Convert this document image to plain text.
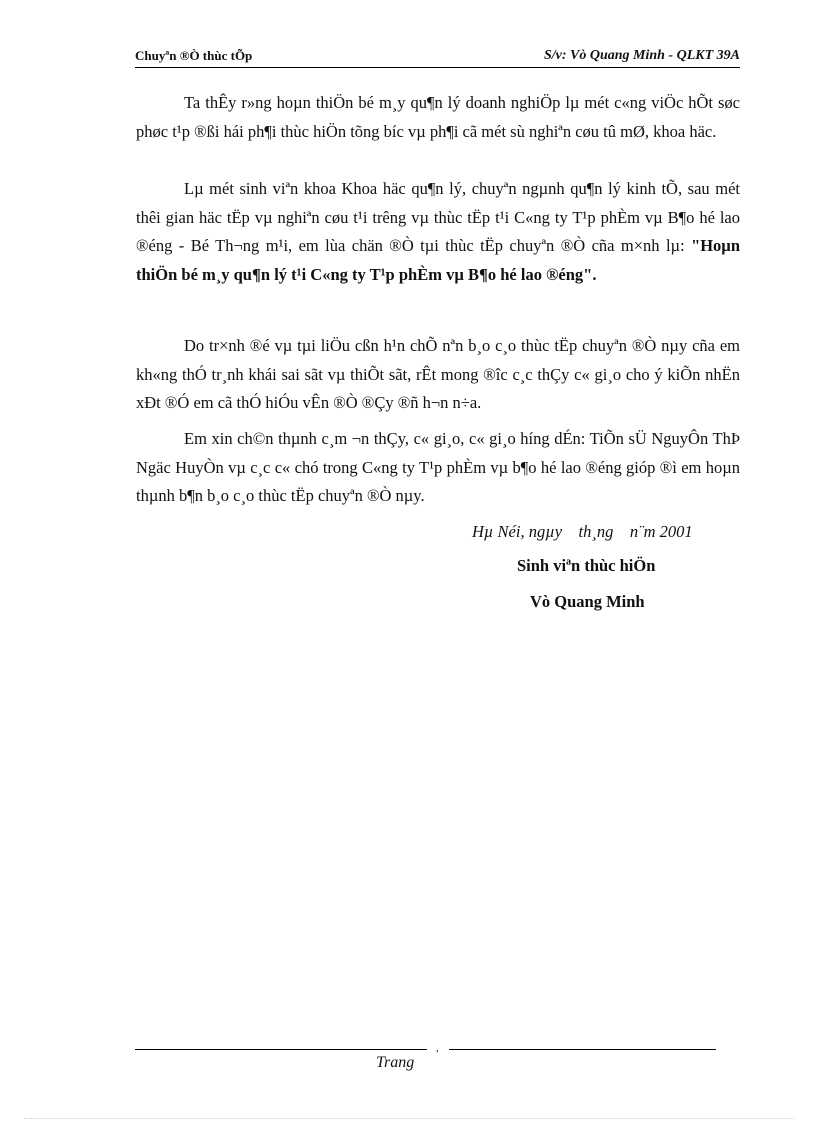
Chuyªn ®Ò thùc tÕp	S/v: Vò Quang Minh - QLKT 39A

Ta thÊy r»ng hoµn thiÖn bé m¸y qu¶n lý doanh nghiÖp lµ mét c«ng viÖc hÕt søc phøc t¹p ®ßi hái ph¶i thùc hiÖn tõng bíc vµ ph¶i cã mét sù nghiªn cøu tû mØ, khoa häc.

Lµ mét sinh viªn khoa Khoa häc qu¶n lý, chuyªn ngµnh qu¶n lý kinh tÕ, sau mét thêi gian häc tËp vµ nghiªn cøu t¹i trêng vµ thùc tËp t¹i C«ng ty T¹p phÈm vµ B¶o hé lao ®éng - Bé Th¬ng m¹i, em lùa chän ®Ò tµi thùc tËp chuyªn ®Ò cña m×nh lµ: "Hoµn thiÖn bé m¸y qu¶n lý t¹i C«ng ty T¹p phÈm vµ B¶o hé lao ®éng".

Do tr×nh ®é vµ tµi liÖu cßn h¹n chÕ nªn b¸o c¸o thùc tËp chuyªn ®Ò nµy cña em kh«ng thÓ tr¸nh khái sai sãt vµ thiÕt sãt, rÊt mong ®îc c¸c thÇy c« gi¸o cho ý kiÕn nhËn xÐt ®Ó em cã thÓ hiÓu vÊn ®Ò ®Çy ®ñ h¬n n÷a.

Em xin ch©n thµnh c¸m ¬n thÇy, c« gi¸o, c« gi¸o híng dÉn: TiÕn sÜ NguyÔn ThÞ Ngäc HuyÒn vµ c¸c c« chó trong C«ng ty T¹p phÈm vµ b¶o hé lao ®éng gióp ®ì em hoµn thµnh b¶n b¸o c¸o thùc tËp chuyªn ®Ò nµy.

Hµ Néi, ngµy    th¸ng    n¨m 2001
Sinh viªn thùc hiÖn
Vò Quang Minh
,
Trang
